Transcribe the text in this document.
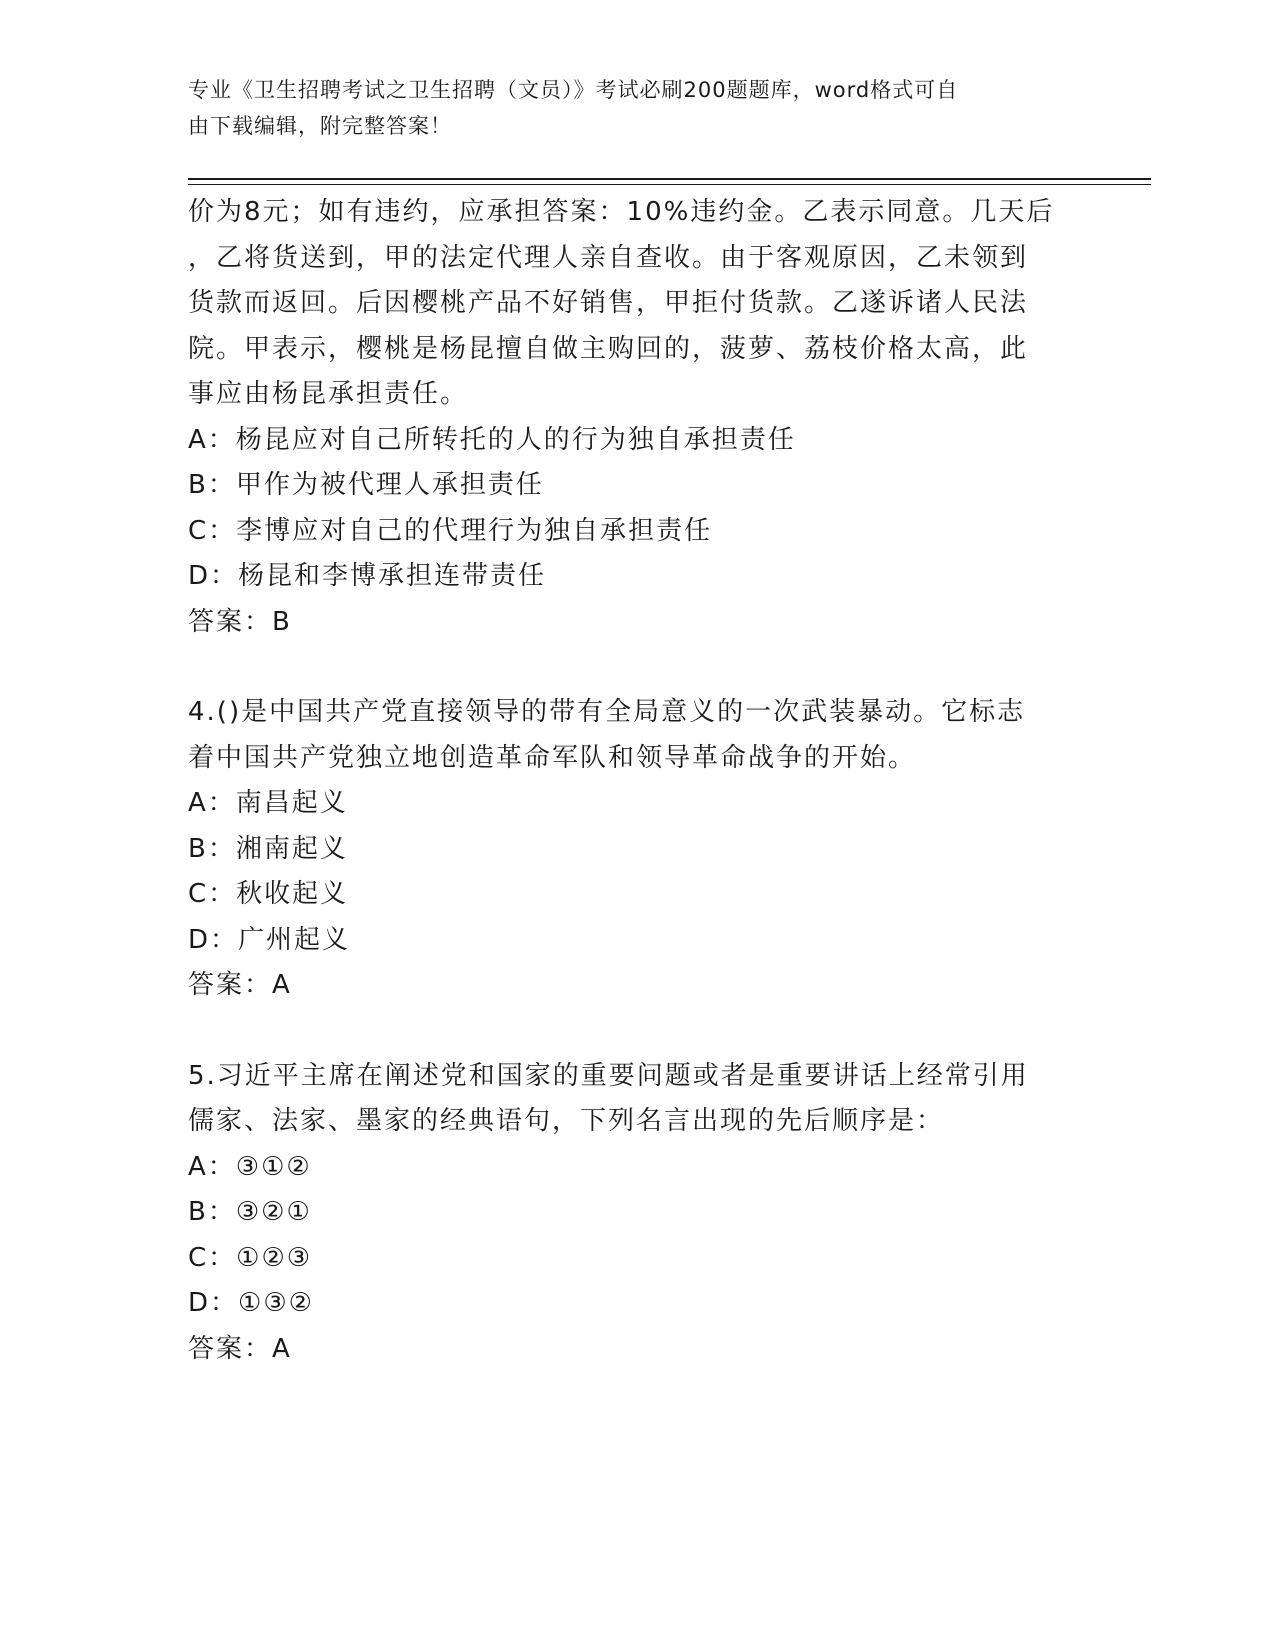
专业《卫生招聘考试之卫生招聘（文员）》考试必刷200题题库，word格式可自
由下载编辑，附完整答案！
价为8元；如有违约，应承担答案：10%违约金。乙表示同意。几天后
，乙将货送到，甲的法定代理人亲自查收。由于客观原因，乙未领到
货款而返回。后因樱桃产品不好销售，甲拒付货款。乙遂诉诸人民法
院。甲表示，樱桃是杨昆擅自做主购回的，菠萝、荔枝价格太高，此
事应由杨昆承担责任。
A：杨昆应对自己所转托的人的行为独自承担责任
B：甲作为被代理人承担责任
C：李博应对自己的代理行为独自承担责任
D：杨昆和李博承担连带责任
答案：B
4.()是中国共产党直接领导的带有全局意义的一次武装暴动。它标志
着中国共产党独立地创造革命军队和领导革命战争的开始。
A：南昌起义
B：湘南起义
C：秋收起义
D：广州起义
答案：A
5.习近平主席在阐述党和国家的重要问题或者是重要讲话上经常引用
儒家、法家、墨家的经典语句，下列名言出现的先后顺序是：
A：③①②
B：③②①
C：①②③
D：①③②
答案：A
